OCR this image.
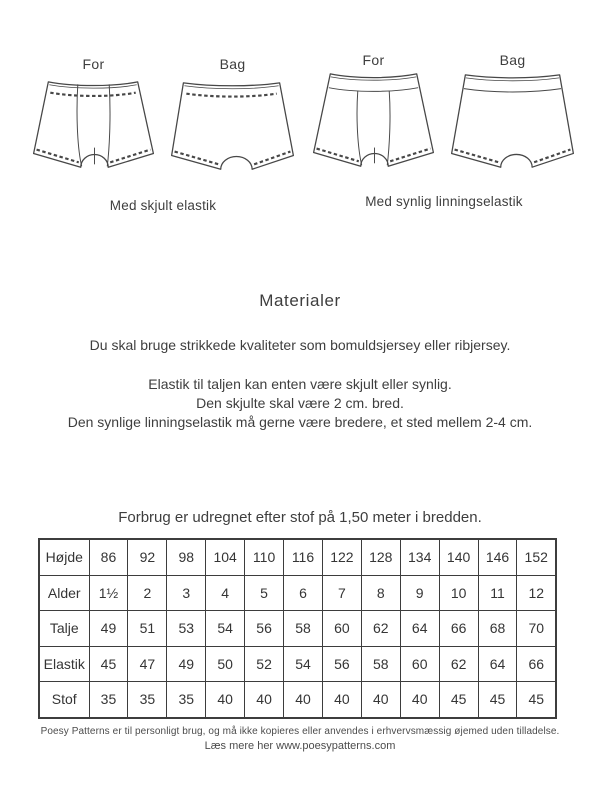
For	Bag
Med skjult elastik
For	Bag
Med synlig linningselastik
Materialer
Du skal bruge strikkede kvaliteter som bomuldsjersey eller ribjersey.
Elastik til taljen kan enten være skjult eller synlig.
Den skjulte skal være 2 cm. bred.
Den synlige linningselastik må gerne være bredere, et sted mellem 2-4 cm.
Forbrug er udregnet efter stof på 1,50 meter i bredden.
Højde	86	92	98	104	110	116	122	128	134	140	146	152
Alder	1½	2	3	4	5	6	7	8	9	10	11	12
Talje	49	51	53	54	56	58	60	62	64	66	68	70
Elastik	45	47	49	50	52	54	56	58	60	62	64	66
Stof	35	35	35	40	40	40	40	40	40	45	45	45
Poesy Patterns er til personligt brug, og må ikke kopieres eller anvendes i erhvervsmæssig øjemed uden tilladelse.
Læs mere her www.poesypatterns.com
